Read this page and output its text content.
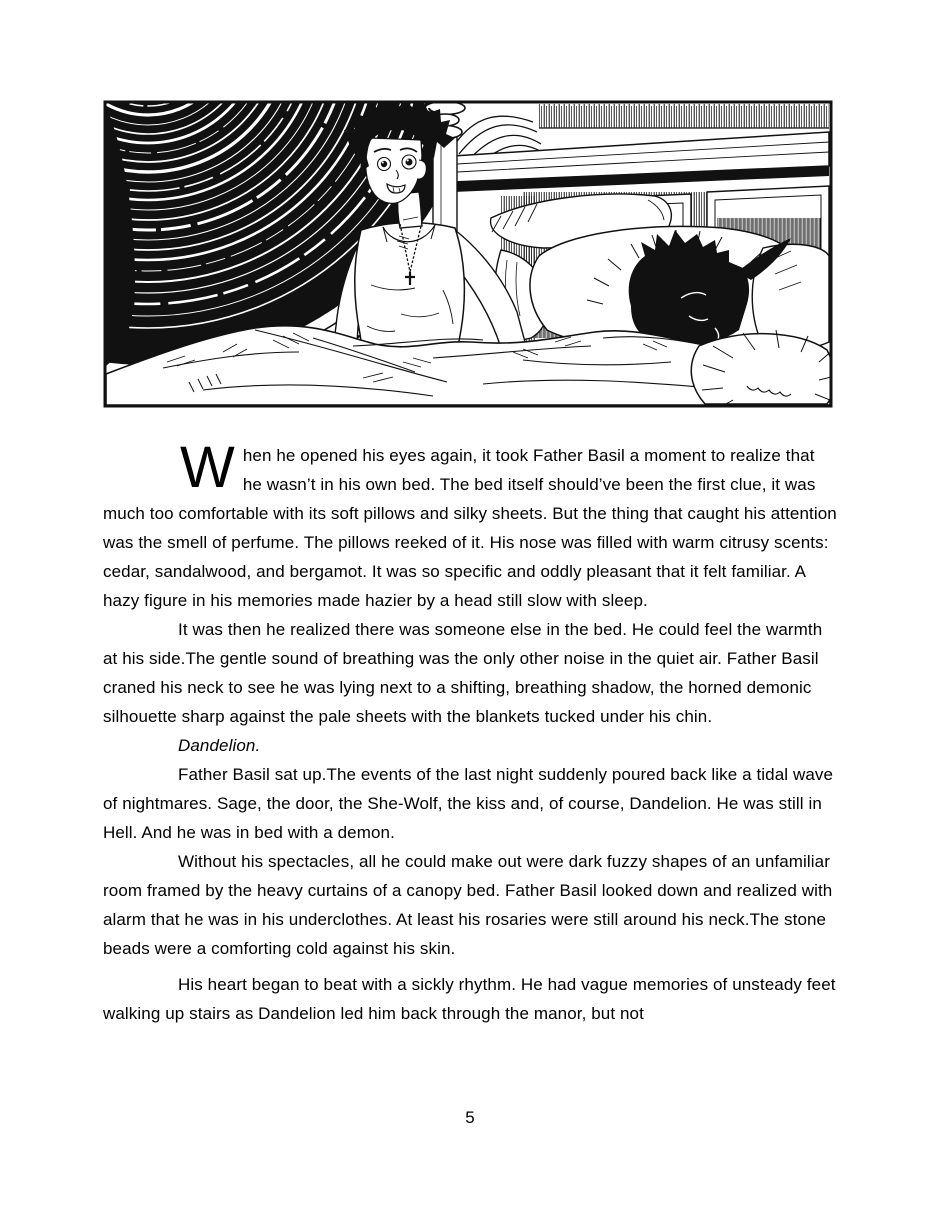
When he opened his eyes again, it took Father Basil a moment to realize that he wasn’t in his own bed. The bed itself should’ve been the first clue, it was much too comfortable with its soft pillows and silky sheets. But the thing that caught his attention was the smell of perfume. The pillows reeked of it. His nose was filled with warm citrusy scents: cedar, sandalwood, and bergamot. It was so specific and oddly pleasant that it felt familiar. A hazy figure in his memories made hazier by a head still slow with sleep.

It was then he realized there was someone else in the bed. He could feel the warmth at his side.The gentle sound of breathing was the only other noise in the quiet air. Father Basil craned his neck to see he was lying next to a shifting, breathing shadow, the horned demonic silhouette sharp against the pale sheets with the blankets tucked under his chin.

Dandelion.

Father Basil sat up.The events of the last night suddenly poured back like a tidal wave of nightmares. Sage, the door, the She-Wolf, the kiss and, of course, Dandelion. He was still in Hell. And he was in bed with a demon.

Without his spectacles, all he could make out were dark fuzzy shapes of an unfamiliar room framed by the heavy curtains of a canopy bed. Father Basil looked down and realized with alarm that he was in his underclothes. At least his rosaries were still around his neck.The stone beads were a comforting cold against his skin.

His heart began to beat with a sickly rhythm. He had vague memories of unsteady feet walking up stairs as Dandelion led him back through the manor, but not

5
